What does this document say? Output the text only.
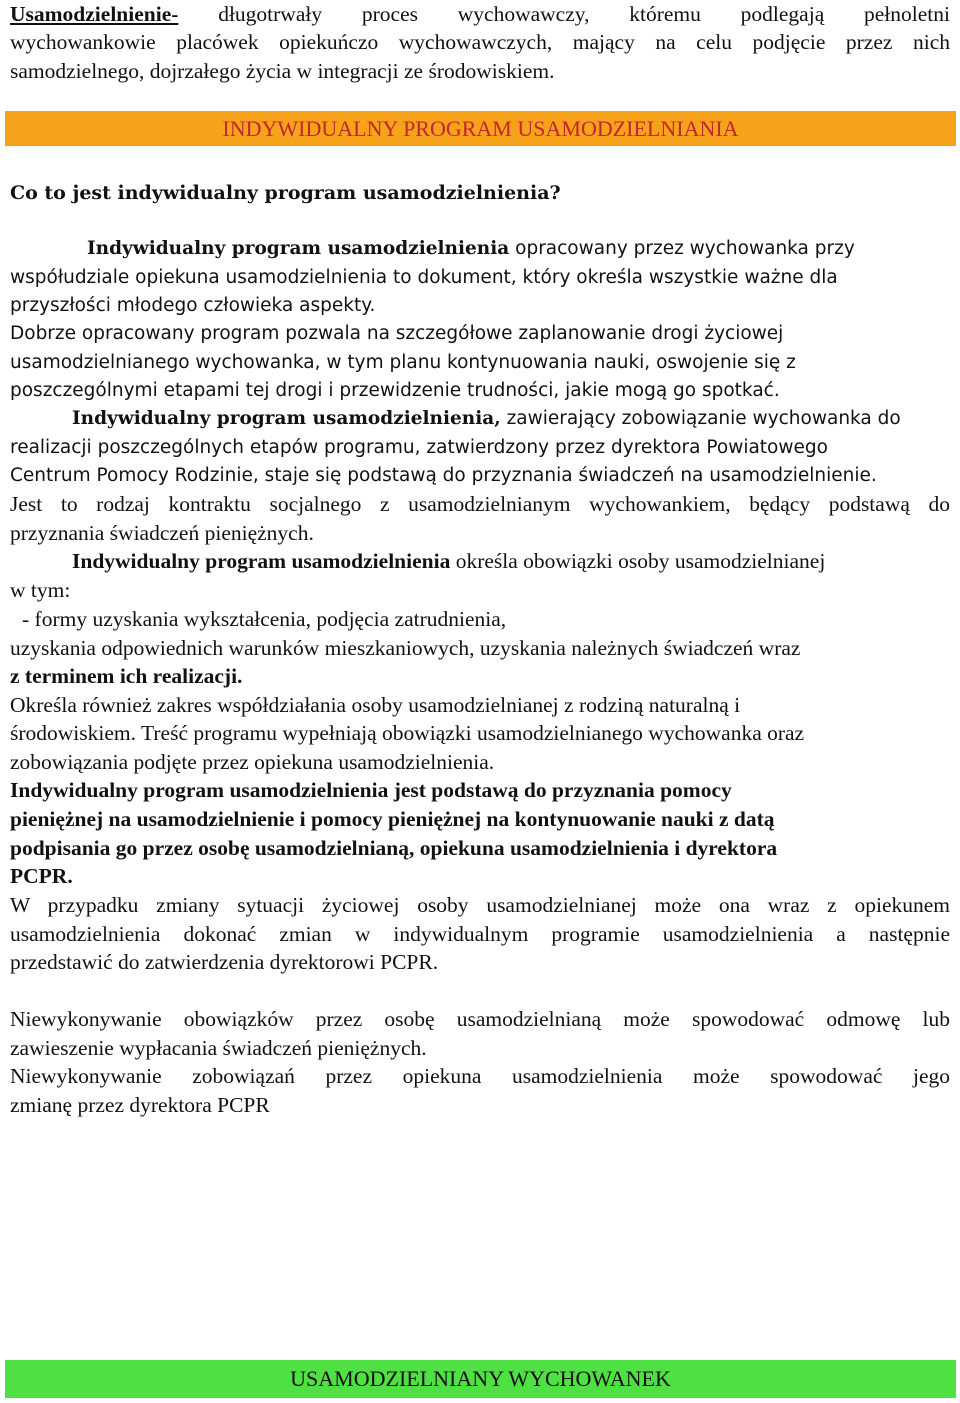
Usamodzielnienie- długotrwały proces wychowawczy, któremu podlegają pełnoletni
wychowankowie placówek opiekuńczo wychowawczych, mający na celu podjęcie przez nich
samodzielnego, dojrzałego życia w integracji ze środowiskiem.
INDYWIDUALNY PROGRAM USAMODZIELNIANIA
Co to jest indywidualny program usamodzielnienia?
Indywidualny program usamodzielnienia opracowany przez wychowanka przy
współudziale opiekuna usamodzielnienia to dokument, który określa wszystkie ważne dla
przyszłości młodego człowieka aspekty.
Dobrze opracowany program pozwala na szczegółowe zaplanowanie drogi życiowej
usamodzielnianego wychowanka, w tym planu kontynuowania nauki, oswojenie się z
poszczególnymi etapami tej drogi i przewidzenie trudności, jakie mogą go spotkać.
Indywidualny program usamodzielnienia, zawierający zobowiązanie wychowanka do
realizacji poszczególnych etapów programu, zatwierdzony przez dyrektora Powiatowego
Centrum Pomocy Rodzinie, staje się podstawą do przyznania świadczeń na usamodzielnienie.
Jest to rodzaj kontraktu socjalnego z usamodzielnianym wychowankiem, będący podstawą do
przyznania świadczeń pieniężnych.
Indywidualny program usamodzielnienia określa obowiązki osoby usamodzielnianej
w tym:
- formy uzyskania wykształcenia, podjęcia zatrudnienia,
uzyskania odpowiednich warunków mieszkaniowych, uzyskania należnych świadczeń wraz
z terminem ich realizacji.
Określa również zakres współdziałania osoby usamodzielnianej z rodziną naturalną i
środowiskiem. Treść programu wypełniają obowiązki usamodzielnianego wychowanka oraz
zobowiązania podjęte przez opiekuna usamodzielnienia.
Indywidualny program usamodzielnienia jest podstawą do przyznania pomocy
pieniężnej na usamodzielnienie i pomocy pieniężnej na kontynuowanie nauki z datą
podpisania go przez osobę usamodzielnianą, opiekuna usamodzielnienia i dyrektora
PCPR.
W przypadku zmiany sytuacji życiowej osoby usamodzielnianej może ona wraz z opiekunem
usamodzielnienia dokonać zmian w indywidualnym programie usamodzielnienia a następnie
przedstawić do zatwierdzenia dyrektorowi PCPR.
Niewykonywanie obowiązków przez osobę usamodzielnianą może spowodować odmowę lub
zawieszenie wypłacania świadczeń pieniężnych.
Niewykonywanie zobowiązań przez opiekuna usamodzielnienia może spowodować jego
zmianę przez dyrektora PCPR
USAMODZIELNIANY WYCHOWANEK
